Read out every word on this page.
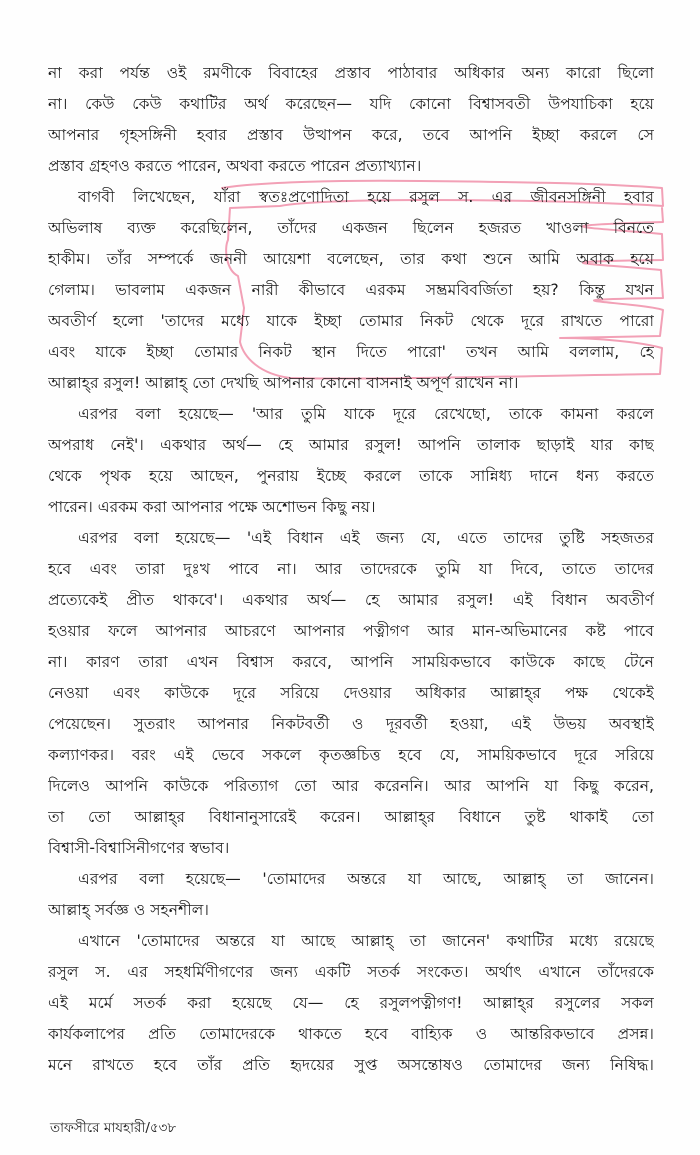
না করা পর্যন্ত ওই রমণীকে বিবাহের প্রস্তাব পাঠাবার অধিকার অন্য কারো ছিলো
না। কেউ কেউ কথাটির অর্থ করেছেন— যদি কোনো বিশ্বাসবতী উপযাচিকা হয়ে
আপনার গৃহসঙ্গিনী হবার প্রস্তাব উত্থাপন করে, তবে আপনি ইচ্ছা করলে সে
প্রস্তাব গ্রহণও করতে পারেন, অথবা করতে পারেন প্রত্যাখ্যান।
বাগবী লিখেছেন, যাঁরা স্বতঃপ্রণোদিতা হয়ে রসুল স. এর জীবনসঙ্গিনী হবার
অভিলাষ ব্যক্ত করেছিলেন, তাঁদের একজন ছিলেন হজরত খাওলা বিনতে
হাকীম। তাঁর সম্পর্কে জননী আয়েশা বলেছেন, তার কথা শুনে আমি অবাক হয়ে
গেলাম। ভাবলাম একজন নারী কীভাবে এরকম সম্ভ্রমবিবর্জিতা হয়? কিন্তু যখন
অবতীর্ণ হলো 'তাদের মধ্যে যাকে ইচ্ছা তোমার নিকট থেকে দূরে রাখতে পারো
এবং যাকে ইচ্ছা তোমার নিকট স্থান দিতে পারো' তখন আমি বললাম, হে
আল্লাহ্‌র রসুল! আল্লাহ্‌ তো দেখছি আপনার কোনো বাসনাই অপূর্ণ রাখেন না।
এরপর বলা হয়েছে— 'আর তুমি যাকে দূরে রেখেছো, তাকে কামনা করলে
অপরাধ নেই'। একথার অর্থ— হে আমার রসুল! আপনি তালাক ছাড়াই যার কাছ
থেকে পৃথক হয়ে আছেন, পুনরায় ইচ্ছে করলে তাকে সান্নিধ্য দানে ধন্য করতে
পারেন। এরকম করা আপনার পক্ষে অশোভন কিছু নয়।
এরপর বলা হয়েছে— 'এই বিধান এই জন্য যে, এতে তাদের তুষ্টি সহজতর
হবে এবং তারা দুঃখ পাবে না। আর তাদেরকে তুমি যা দিবে, তাতে তাদের
প্রত্যেকেই প্রীত থাকবে'। একথার অর্থ— হে আমার রসুল! এই বিধান অবতীর্ণ
হওয়ার ফলে আপনার আচরণে আপনার পত্নীগণ আর মান-অভিমানের কষ্ট পাবে
না। কারণ তারা এখন বিশ্বাস করবে, আপনি সাময়িকভাবে কাউকে কাছে টেনে
নেওয়া এবং কাউকে দূরে সরিয়ে দেওয়ার অধিকার আল্লাহ্‌র পক্ষ থেকেই
পেয়েছেন। সুতরাং আপনার নিকটবর্তী ও দূরবর্তী হওয়া, এই উভয় অবস্থাই
কল্যাণকর। বরং এই ভেবে সকলে কৃতজ্ঞচিত্ত হবে যে, সাময়িকভাবে দূরে সরিয়ে
দিলেও আপনি কাউকে পরিত্যাগ তো আর করেননি। আর আপনি যা কিছু করেন,
তা তো আল্লাহ্‌র বিধানানুসারেই করেন। আল্লাহ্‌র বিধানে তুষ্ট থাকাই তো
বিশ্বাসী-বিশ্বাসিনীগণের স্বভাব।
এরপর বলা হয়েছে— 'তোমাদের অন্তরে যা আছে, আল্লাহ্‌ তা জানেন।
আল্লাহ্‌ সর্বজ্ঞ ও সহনশীল।
এখানে 'তোমাদের অন্তরে যা আছে আল্লাহ্‌ তা জানেন' কথাটির মধ্যে রয়েছে
রসুল স. এর সহধর্মিণীগণের জন্য একটি সতর্ক সংকেত। অর্থাৎ এখানে তাঁদেরকে
এই মর্মে সতর্ক করা হয়েছে যে— হে রসুলপত্নীগণ! আল্লাহ্‌র রসুলের সকল
কার্যকলাপের প্রতি তোমাদেরকে থাকতে হবে বাহ্যিক ও আন্তরিকভাবে প্রসন্ন।
মনে রাখতে হবে তাঁর প্রতি হৃদয়ের সুপ্ত অসন্তোষও তোমাদের জন্য নিষিদ্ধ।
তাফসীরে মাযহারী/৫৩৮
